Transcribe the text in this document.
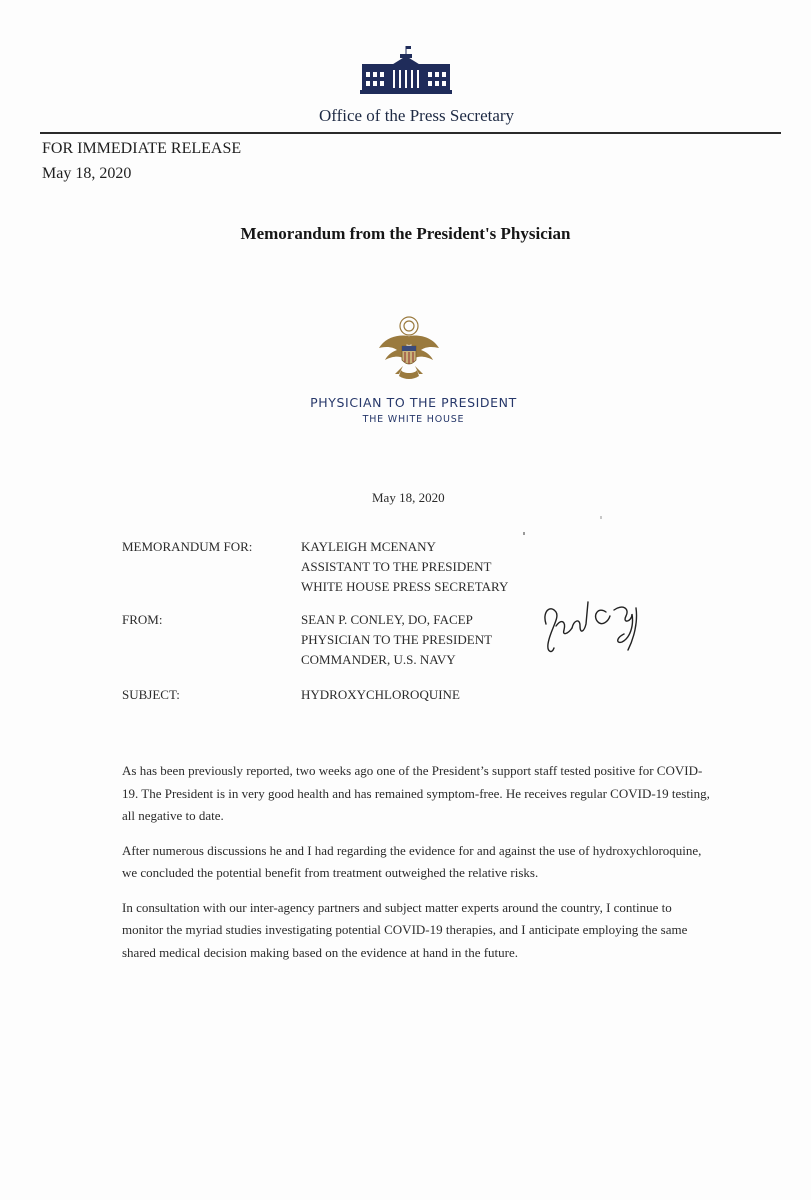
Office of the Press Secretary
FOR IMMEDIATE RELEASE
May 18, 2020
Memorandum from the President's Physician
PHYSICIAN TO THE PRESIDENT
THE WHITE HOUSE
May 18, 2020
MEMORANDUM FOR:	KAYLEIGH MCENANY
ASSISTANT TO THE PRESIDENT
WHITE HOUSE PRESS SECRETARY
FROM:	SEAN P. CONLEY, DO, FACEP
PHYSICIAN TO THE PRESIDENT
COMMANDER, U.S. NAVY
SUBJECT:	HYDROXYCHLOROQUINE

As has been previously reported, two weeks ago one of the President’s support staff tested positive for COVID-19. The President is in very good health and has remained symptom-free. He receives regular COVID-19 testing, all negative to date.

After numerous discussions he and I had regarding the evidence for and against the use of hydroxychloroquine, we concluded the potential benefit from treatment outweighed the relative risks.

In consultation with our inter-agency partners and subject matter experts around the country, I continue to monitor the myriad studies investigating potential COVID-19 therapies, and I anticipate employing the same shared medical decision making based on the evidence at hand in the future.
